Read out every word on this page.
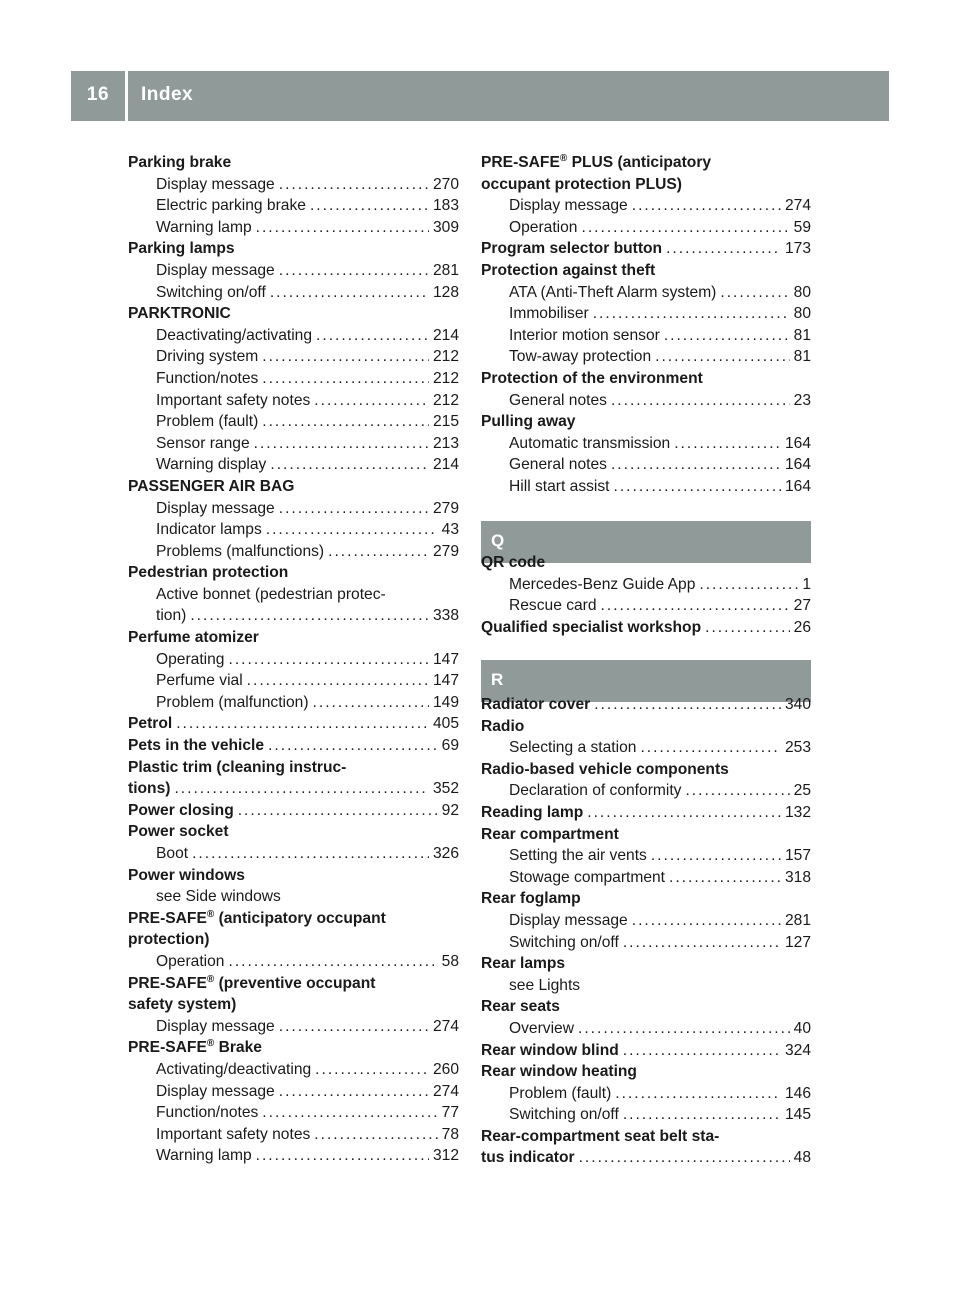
16	Index
Parking brake
Display message .....	270
Electric parking brake .....	183
Warning lamp .....	309
Parking lamps
Display message .....	281
Switching on/off .....	128
PARKTRONIC
Deactivating/activating .....	214
Driving system .....	212
Function/notes .....	212
Important safety notes .....	212
Problem (fault) .....	215
Sensor range .....	213
Warning display .....	214
PASSENGER AIR BAG
Display message .....	279
Indicator lamps .....	43
Problems (malfunctions) .....	279
Pedestrian protection
Active bonnet (pedestrian protec-
tion) .....	338
Perfume atomizer
Operating .....	147
Perfume vial .....	147
Problem (malfunction) .....	149
Petrol .....	405
Pets in the vehicle .....	69
Plastic trim (cleaning instruc-
tions) .....	352
Power closing .....	92
Power socket
Boot .....	326
Power windows
see Side windows
PRE-SAFE® (anticipatory occupant
protection)
Operation .....	58
PRE-SAFE® (preventive occupant
safety system)
Display message .....	274
PRE-SAFE® Brake
Activating/deactivating .....	260
Display message .....	274
Function/notes .....	77
Important safety notes .....	78
Warning lamp .....	312
PRE-SAFE® PLUS (anticipatory
occupant protection PLUS)
Display message .....	274
Operation .....	59
Program selector button .....	173
Protection against theft
ATA (Anti-Theft Alarm system) .....	80
Immobiliser .....	80
Interior motion sensor .....	81
Tow-away protection .....	81
Protection of the environment
General notes .....	23
Pulling away
Automatic transmission .....	164
General notes .....	164
Hill start assist .....	164
Q
QR code
Mercedes-Benz Guide App .....	1
Rescue card .....	27
Qualified specialist workshop .....	26
R
Radiator cover .....	340
Radio
Selecting a station .....	253
Radio-based vehicle components
Declaration of conformity .....	25
Reading lamp .....	132
Rear compartment
Setting the air vents .....	157
Stowage compartment .....	318
Rear foglamp
Display message .....	281
Switching on/off .....	127
Rear lamps
see Lights
Rear seats
Overview .....	40
Rear window blind .....	324
Rear window heating
Problem (fault) .....	146
Switching on/off .....	145
Rear-compartment seat belt sta-
tus indicator .....	48
